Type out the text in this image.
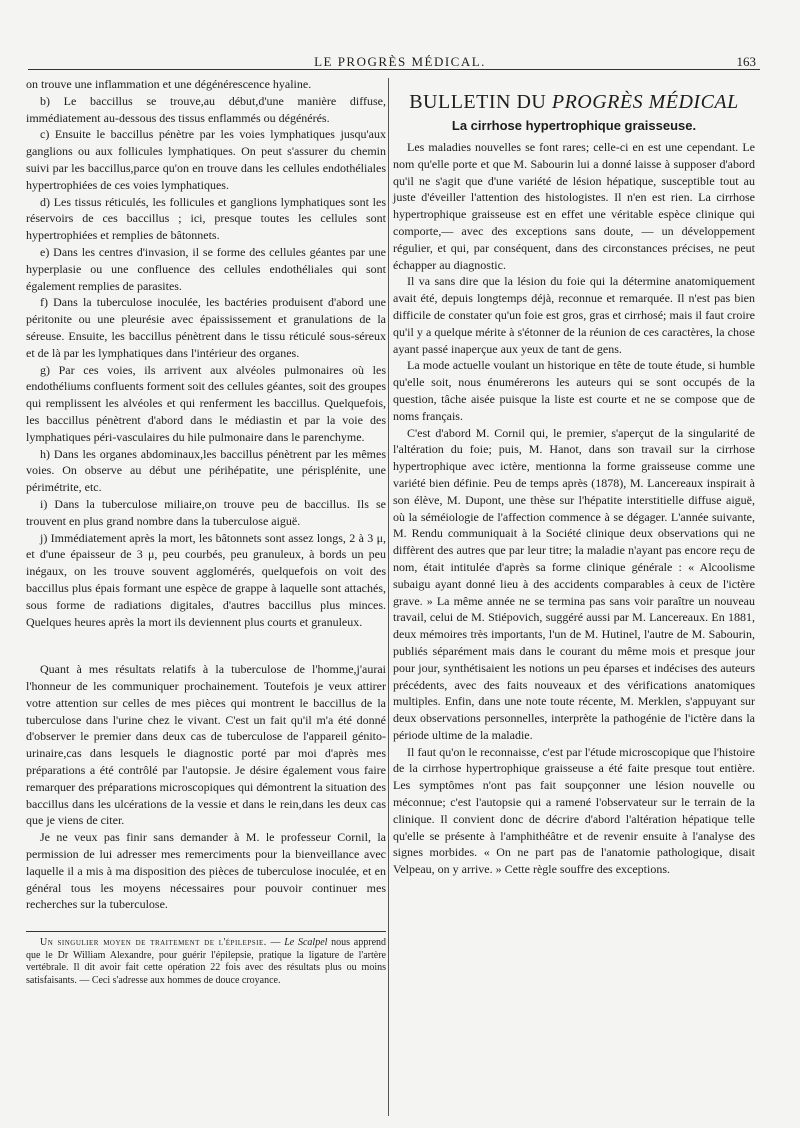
LE PROGRÈS MÉDICAL.	163

on trouve une inflammation et une dégénérescence hyaline.

b) Le baccillus se trouve,au début,d'une manière diffuse, immédiatement au-dessous des tissus enflammés ou dégénérés.

c) Ensuite le baccillus pénètre par les voies lymphatiques jusqu'aux ganglions ou aux follicules lymphatiques. On peut s'assurer du chemin suivi par les baccillus,parce qu'on en trouve dans les cellules endothéliales hypertrophiées de ces voies lymphatiques.

d) Les tissus réticulés, les follicules et ganglions lymphatiques sont les réservoirs de ces baccillus ; ici, presque toutes les cellules sont hypertrophiées et remplies de bâtonnets.

e) Dans les centres d'invasion, il se forme des cellules géantes par une hyperplasie ou une confluence des cellules endothéliales qui sont également remplies de parasites.

f) Dans la tuberculose inoculée, les bactéries produisent d'abord une péritonite ou une pleurésie avec épaississement et granulations de la séreuse. Ensuite, les baccillus pénètrent dans le tissu réticulé sous-séreux et de là par les lymphatiques dans l'intérieur des organes.

g) Par ces voies, ils arrivent aux alvéoles pulmonaires où les endothéliums confluents forment soit des cellules géantes, soit des groupes qui remplissent les alvéoles et qui renferment les baccillus. Quelquefois, les baccillus pénètrent d'abord dans le médiastin et par la voie des lymphatiques péri-vasculaires du hile pulmonaire dans le parenchyme.

h) Dans les organes abdominaux,les baccillus pénètrent par les mêmes voies. On observe au début une périhépatite, une périsplénite, une périmétrite, etc.

i) Dans la tuberculose miliaire,on trouve peu de baccillus. Ils se trouvent en plus grand nombre dans la tuberculose aiguë.

j) Immédiatement après la mort, les bâtonnets sont assez longs, 2 à 3 μ, et d'une épaisseur de 3 μ, peu courbés, peu granuleux, à bords un peu inégaux, on les trouve souvent agglomérés, quelquefois on voit des baccillus plus épais formant une espèce de grappe à laquelle sont attachés, sous forme de radiations digitales, d'autres baccillus plus minces. Quelques heures après la mort ils deviennent plus courts et granuleux.

Quant à mes résultats relatifs à la tuberculose de l'homme,j'aurai l'honneur de les communiquer prochainement. Toutefois je veux attirer votre attention sur celles de mes pièces qui montrent le baccillus de la tuberculose dans l'urine chez le vivant. C'est un fait qu'il m'a été donné d'observer le premier dans deux cas de tuberculose de l'appareil génito-urinaire,cas dans lesquels le diagnostic porté par moi d'après mes préparations a été contrôlé par l'autopsie. Je désire également vous faire remarquer des préparations microscopiques qui démontrent la situation des baccillus dans les ulcérations de la vessie et dans le rein,dans les deux cas que je viens de citer.

Je ne veux pas finir sans demander à M. le professeur Cornil, la permission de lui adresser mes remerciments pour la bienveillance avec laquelle il a mis à ma disposition des pièces de tuberculose inoculée, et en général tous les moyens nécessaires pour pouvoir continuer mes recherches sur la tuberculose.

Un singulier moyen de traitement de l'épilepsie. — Le Scalpel nous apprend que le Dr William Alexandre, pour guérir l'épilepsie, pratique la ligature de l'artère vertébrale. Il dit avoir fait cette opération 22 fois avec des résultats plus ou moins satisfaisants. — Ceci s'adresse aux hommes de douce croyance.

BULLETIN DU PROGRÈS MÉDICAL
La cirrhose hypertrophique graisseuse.

Les maladies nouvelles se font rares; celle-ci en est une cependant. Le nom qu'elle porte et que M. Sabourin lui a donné laisse à supposer d'abord qu'il ne s'agit que d'une variété de lésion hépatique, susceptible tout au juste d'éveiller l'attention des histologistes. Il n'en est rien. La cirrhose hypertrophique graisseuse est en effet une véritable espèce clinique qui comporte,— avec des exceptions sans doute, — un développement régulier, et qui, par conséquent, dans des circonstances précises, ne peut échapper au diagnostic.

Il va sans dire que la lésion du foie qui la détermine anatomiquement avait été, depuis longtemps déjà, reconnue et remarquée. Il n'est pas bien difficile de constater qu'un foie est gros, gras et cirrhosé; mais il faut croire qu'il y a quelque mérite à s'étonner de la réunion de ces caractères, la chose ayant passé inaperçue aux yeux de tant de gens.

La mode actuelle voulant un historique en tête de toute étude, si humble qu'elle soit, nous énumérerons les auteurs qui se sont occupés de la question, tâche aisée puisque la liste est courte et ne se compose que de noms français.

C'est d'abord M. Cornil qui, le premier, s'aperçut de la singularité de l'altération du foie; puis, M. Hanot, dans son travail sur la cirrhose hypertrophique avec ictère, mentionna la forme graisseuse comme une variété bien définie. Peu de temps après (1878), M. Lancereaux inspirait à son élève, M. Dupont, une thèse sur l'hépatite interstitielle diffuse aiguë, où la séméiologie de l'affection commence à se dégager. L'année suivante, M. Rendu communiquait à la Société clinique deux observations qui ne diffèrent des autres que par leur titre; la maladie n'ayant pas encore reçu de nom, était intitulée d'après sa forme clinique générale : « Alcoolisme subaigu ayant donné lieu à des accidents comparables à ceux de l'ictère grave. » La même année ne se termina pas sans voir paraître un nouveau travail, celui de M. Stiépovich, suggéré aussi par M. Lancereaux. En 1881, deux mémoires très importants, l'un de M. Hutinel, l'autre de M. Sabourin, publiés séparément mais dans le courant du même mois et presque jour pour jour, synthétisaient les notions un peu éparses et indécises des auteurs précédents, avec des faits nouveaux et des vérifications anatomiques multiples. Enfin, dans une note toute récente, M. Merklen, s'appuyant sur deux observations personnelles, interprète la pathogénie de l'ictère dans la période ultime de la maladie.

Il faut qu'on le reconnaisse, c'est par l'étude microscopique que l'histoire de la cirrhose hypertrophique graisseuse a été faite presque tout entière. Les symptômes n'ont pas fait soupçonner une lésion nouvelle ou méconnue; c'est l'autopsie qui a ramené l'observateur sur le terrain de la clinique. Il convient donc de décrire d'abord l'altération hépatique telle qu'elle se présente à l'amphithéâtre et de revenir ensuite à l'analyse des signes morbides. « On ne part pas de l'anatomie pathologique, disait Velpeau, on y arrive. » Cette règle souffre des exceptions.
